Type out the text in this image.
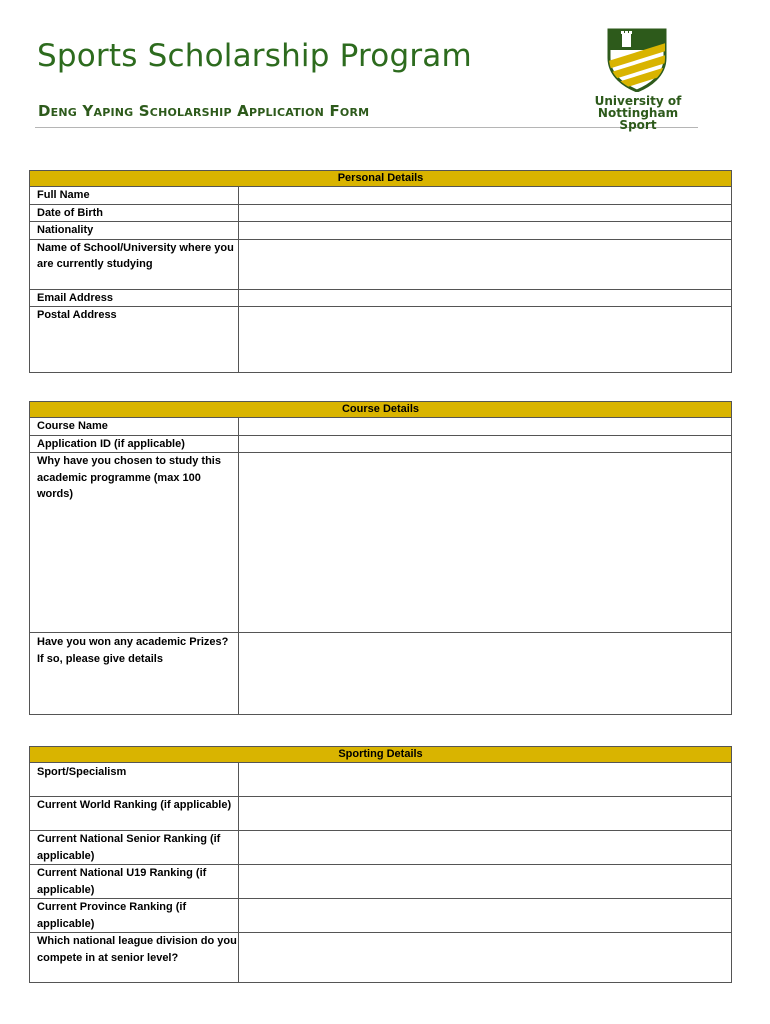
Sports Scholarship Program
Deng Yaping Scholarship Application Form
University of
Nottingham Sport
Personal Details	
Full Name	
Date of Birth	
Nationality	
Name of School/University where you are currently studying	
Email Address	
Postal Address	
Course Details	
Course Name	
Application ID (if applicable)	
Why have you chosen to study this academic programme (max 100 words)	
Have you won any academic Prizes? If so, please give details	
Sporting Details	
Sport/Specialism	
Current World Ranking (if applicable)	
Current National Senior Ranking (if applicable)	
Current National U19 Ranking (if applicable)	
Current Province Ranking (if applicable)	
Which national league division do you compete in at senior level?	
